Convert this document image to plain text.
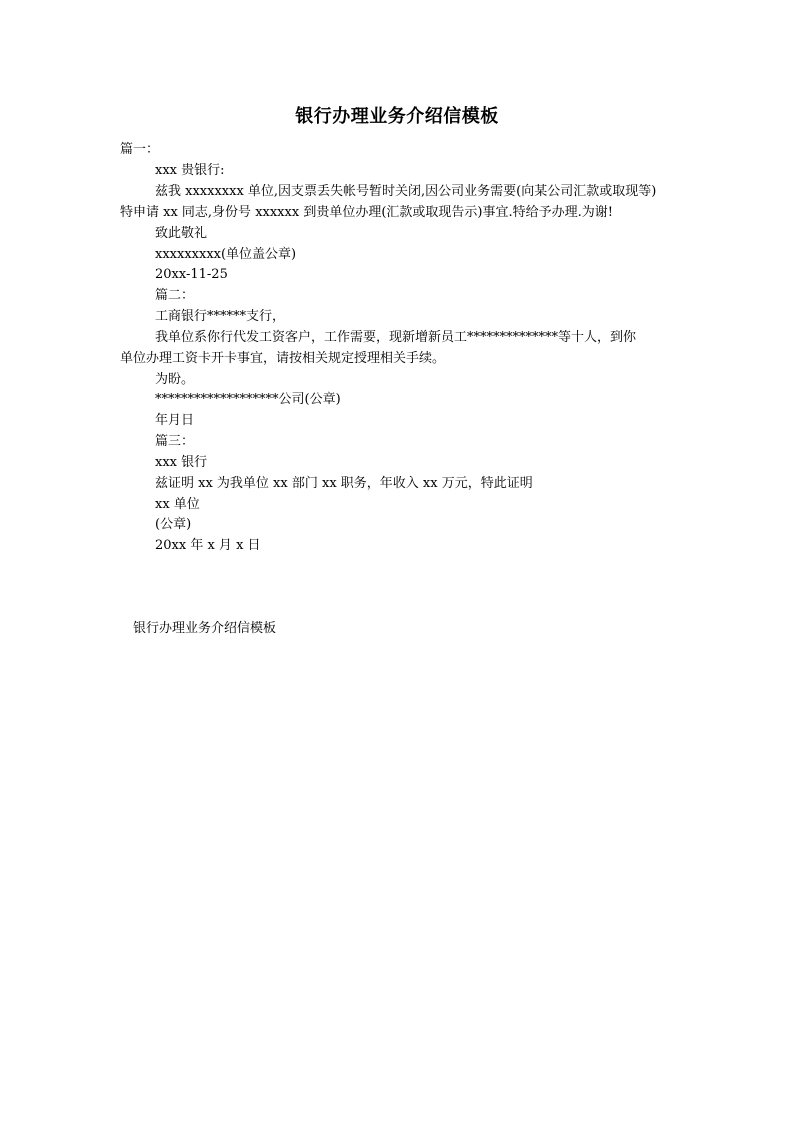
银行办理业务介绍信模板
篇一：
xxx 贵银行:
兹我 xxxxxxxx 单位,因支票丢失帐号暂时关闭,因公司业务需要(向某公司汇款或取现等)
特申请 xx 同志,身份号 xxxxxx 到贵单位办理(汇款或取现告示)事宜.特给予办理.为谢!
致此敬礼
xxxxxxxxx(单位盖公章)
20xx-11-25
篇二：
工商银行******支行，
我单位系你行代发工资客户，工作需要，现新增新员工**************等十人，到你
单位办理工资卡开卡事宜，请按相关规定授理相关手续。
为盼。
*******************公司(公章)
年月日
篇三：
xxx 银行
兹证明 xx 为我单位 xx 部门 xx 职务，年收入 xx 万元，特此证明
xx 单位
(公章)
20xx 年 x 月 x 日
银行办理业务介绍信模板
